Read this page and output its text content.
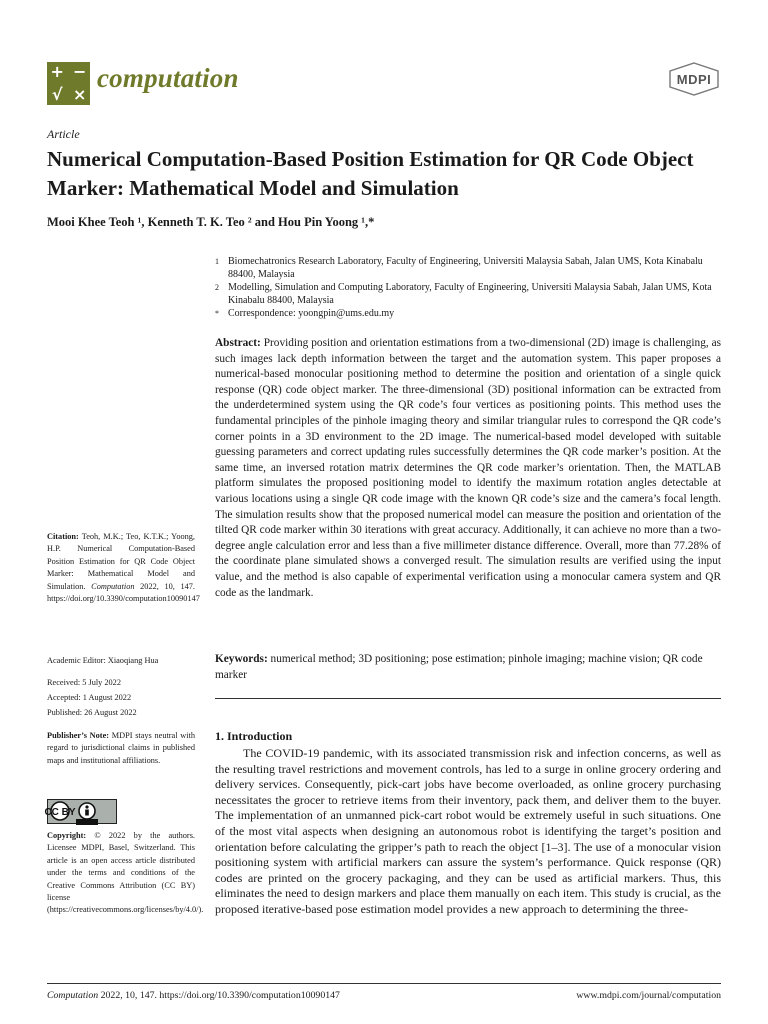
+ −
√ ×
computation	MDPI
Article
Numerical Computation-Based Position Estimation for QR Code Object Marker: Mathematical Model and Simulation
Mooi Khee Teoh ¹, Kenneth T. K. Teo ² and Hou Pin Yoong ¹,*
1 Biomechatronics Research Laboratory, Faculty of Engineering, Universiti Malaysia Sabah, Jalan UMS, Kota Kinabalu 88400, Malaysia
2 Modelling, Simulation and Computing Laboratory, Faculty of Engineering, Universiti Malaysia Sabah, Jalan UMS, Kota Kinabalu 88400, Malaysia
* Correspondence: yoongpin@ums.edu.my

Abstract: Providing position and orientation estimations from a two-dimensional (2D) image is challenging, as such images lack depth information between the target and the automation system. This paper proposes a numerical-based monocular positioning method to determine the position and orientation of a single quick response (QR) code object marker. The three-dimensional (3D) positional information can be extracted from the underdetermined system using the QR code’s four vertices as positioning points. This method uses the fundamental principles of the pinhole imaging theory and similar triangular rules to correspond the QR code’s corner points in a 3D environment to the 2D image. The numerical-based model developed with suitable guessing parameters and correct updating rules successfully determines the QR code marker’s position. At the same time, an inversed rotation matrix determines the QR code marker’s orientation. Then, the MATLAB platform simulates the proposed positioning model to identify the maximum rotation angles detectable at various locations using a single QR code image with the known QR code’s size and the camera’s focal length. The simulation results show that the proposed numerical model can measure the position and orientation of the tilted QR code marker within 30 iterations with great accuracy. Additionally, it can achieve no more than a two-degree angle calculation error and less than a five millimeter distance difference. Overall, more than 77.28% of the coordinate plane simulated shows a converged result. The simulation results are verified using the input value, and the method is also capable of experimental verification using a monocular camera system and QR code as the landmark.

Keywords: numerical method; 3D positioning; pose estimation; pinhole imaging; machine vision; QR code marker

Citation: Teoh, M.K.; Teo, K.T.K.; Yoong, H.P. Numerical Computation-Based Position Estimation for QR Code Object Marker: Mathematical Model and Simulation. Computation 2022, 10, 147. https://doi.org/10.3390/computation10090147
Academic Editor: Xiaoqiang Hua
Received: 5 July 2022
Accepted: 1 August 2022
Published: 26 August 2022
Publisher’s Note: MDPI stays neutral with regard to jurisdictional claims in published maps and institutional affiliations.
CC BY
Copyright: © 2022 by the authors. Licensee MDPI, Basel, Switzerland. This article is an open access article distributed under the terms and conditions of the Creative Commons Attribution (CC BY) license (https://creativecommons.org/licenses/by/4.0/).
1. Introduction

The COVID-19 pandemic, with its associated transmission risk and infection concerns, as well as the resulting travel restrictions and movement controls, has led to a surge in online grocery ordering and delivery services. Consequently, pick-cart jobs have become overloaded, as online grocery purchasing necessitates the grocer to retrieve items from their inventory, pack them, and deliver them to the buyer. The implementation of an unmanned pick-cart robot would be extremely useful in such situations. One of the most vital aspects when designing an autonomous robot is identifying the target’s position and orientation before calculating the gripper’s path to reach the object [1–3]. The use of a monocular vision positioning system with artificial markers can assure the system’s performance. Quick response (QR) codes are printed on the grocery packaging, and they can be used as artificial markers. Thus, this eliminates the need to design markers and place them manually on each item. This study is crucial, as the proposed iterative-based pose estimation model provides a new approach to determining the three-

Computation 2022, 10, 147. https://doi.org/10.3390/computation10090147	www.mdpi.com/journal/computation
